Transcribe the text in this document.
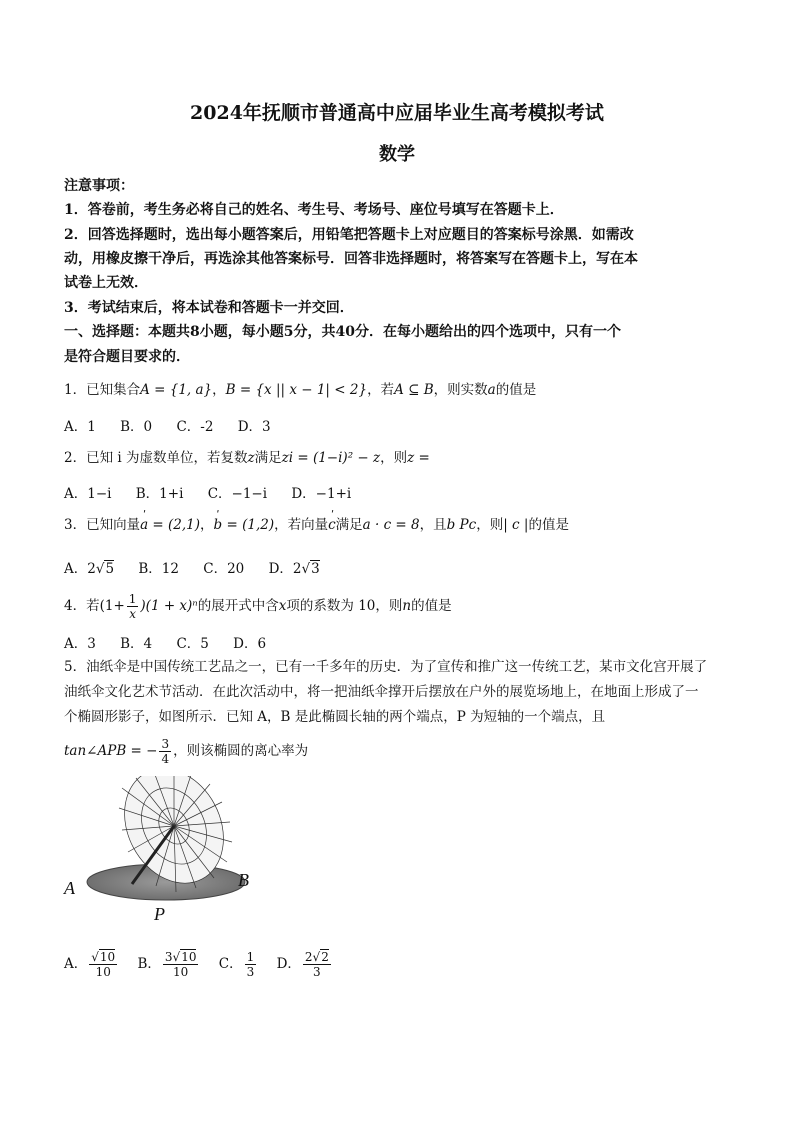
2024年抚顺市普通高中应届毕业生高考模拟考试
数学
注意事项：
1．答卷前，考生务必将自己的姓名、考生号、考场号、座位号填写在答题卡上．
2．回答选择题时，选出每小题答案后，用铅笔把答题卡上对应题目的答案标号涂黑．如需改
动，用橡皮擦干净后，再选涂其他答案标号．回答非选择题时，将答案写在答题卡上，写在本
试卷上无效．
3．考试结束后，将本试卷和答题卡一并交回．
一、选择题：本题共8小题，每小题5分，共40分．在每小题给出的四个选项中，只有一个
是符合题目要求的．
1．已知集合A = {1, a}，B = {x || x − 1| < 2}，若A ⊆ B，则实数a的值是
A．1 B．0 C．-2 D．3
2．已知 i 为虚数单位，若复数z满足zi = (1−i)² − z，则z =
A．1−i B．1+i C．−1−i D．−1+i
3．已知向量ˈ a = (2,1)，ˈ b = (1,2)，若向量ˈ c满足a · c = 8，且b Pc，则| c |的值是
A．2√5 B．12 C．20 D．2√3
4．若$(1+ \frac{1}{x} )(1 + x)^n$的展开式中含x项的系数为 10，则n的值是
A．3 B．4 C．5 D．6
5．油纸伞是中国传统工艺品之一，已有一千多年的历史．为了宣传和推广这一传统工艺，某市文化宫开展了
油纸伞文化艺术节活动．在此次活动中，将一把油纸伞撑开后摆放在户外的展览场地上，在地面上形成了一
个椭圆形影子，如图所示．已知 A，B 是此椭圆长轴的两个端点，P 为短轴的一个端点，且
tan∠APB = − $\frac{3}{4}$ ，则该椭圆的离心率为
A	B
P
A． $\frac{√10}{10}$ B． $\frac{3√10}{10}$ C． $\frac{1}{3}$ D． $\frac{2√2}{3}$
